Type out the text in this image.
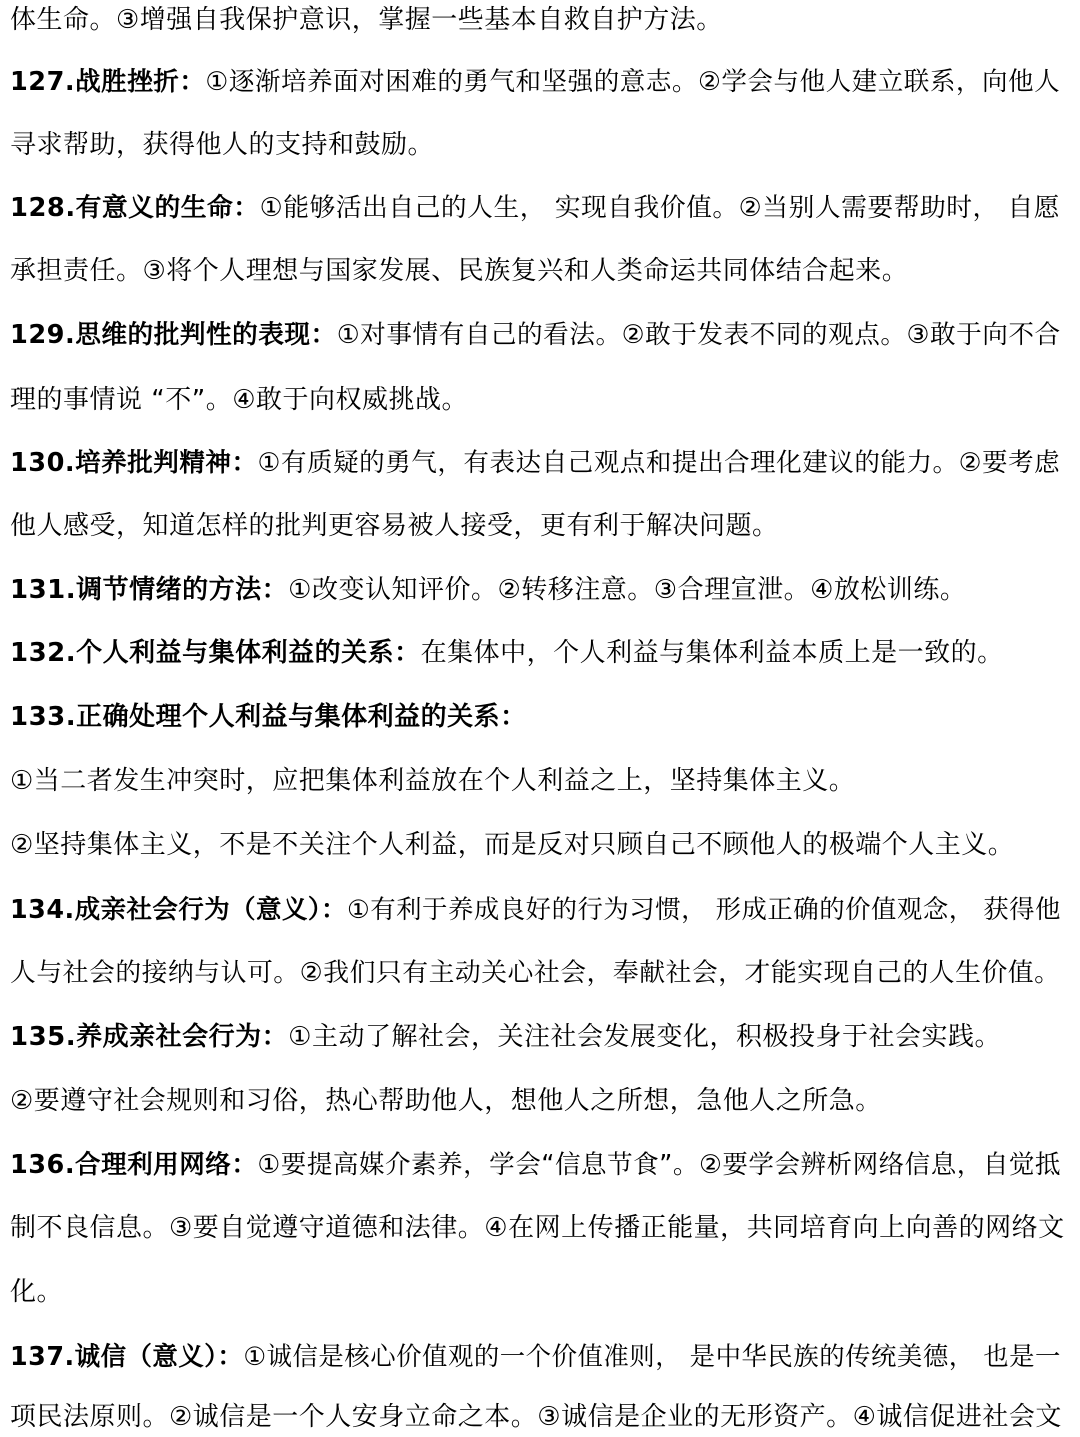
体生命。③增强自我保护意识，掌握一些基本自救自护方法。
127.战胜挫折：①逐渐培养面对困难的勇气和坚强的意志。②学会与他人建立联系，向他人
寻求帮助，获得他人的支持和鼓励。
128.有意义的生命：①能够活出自己的人生， 实现自我价值。②当别人需要帮助时， 自愿
承担责任。③将个人理想与国家发展、民族复兴和人类命运共同体结合起来。
129.思维的批判性的表现：①对事情有自己的看法。②敢于发表不同的观点。③敢于向不合
理的事情说 “不”。④敢于向权威挑战。
130.培养批判精神：①有质疑的勇气，有表达自己观点和提出合理化建议的能力。②要考虑
他人感受，知道怎样的批判更容易被人接受，更有利于解决问题。
131.调节情绪的方法：①改变认知评价。②转移注意。③合理宣泄。④放松训练。
132.个人利益与集体利益的关系：在集体中，个人利益与集体利益本质上是一致的。
133.正确处理个人利益与集体利益的关系：
①当二者发生冲突时，应把集体利益放在个人利益之上，坚持集体主义。
②坚持集体主义，不是不关注个人利益，而是反对只顾自己不顾他人的极端个人主义。
134.成亲社会行为（意义）：①有利于养成良好的行为习惯， 形成正确的价值观念， 获得他
人与社会的接纳与认可。②我们只有主动关心社会，奉献社会，才能实现自己的人生价值。
135.养成亲社会行为：①主动了解社会，关注社会发展变化，积极投身于社会实践。
②要遵守社会规则和习俗，热心帮助他人，想他人之所想，急他人之所急。
136.合理利用网络：①要提高媒介素养，学会“信息节食”。②要学会辨析网络信息，自觉抵
制不良信息。③要自觉遵守道德和法律。④在网上传播正能量，共同培育向上向善的网络文
化。
137.诚信（意义）：①诚信是核心价值观的一个价值准则， 是中华民族的传统美德， 也是一
项民法原则。②诚信是一个人安身立命之本。③诚信是企业的无形资产。④诚信促进社会文
